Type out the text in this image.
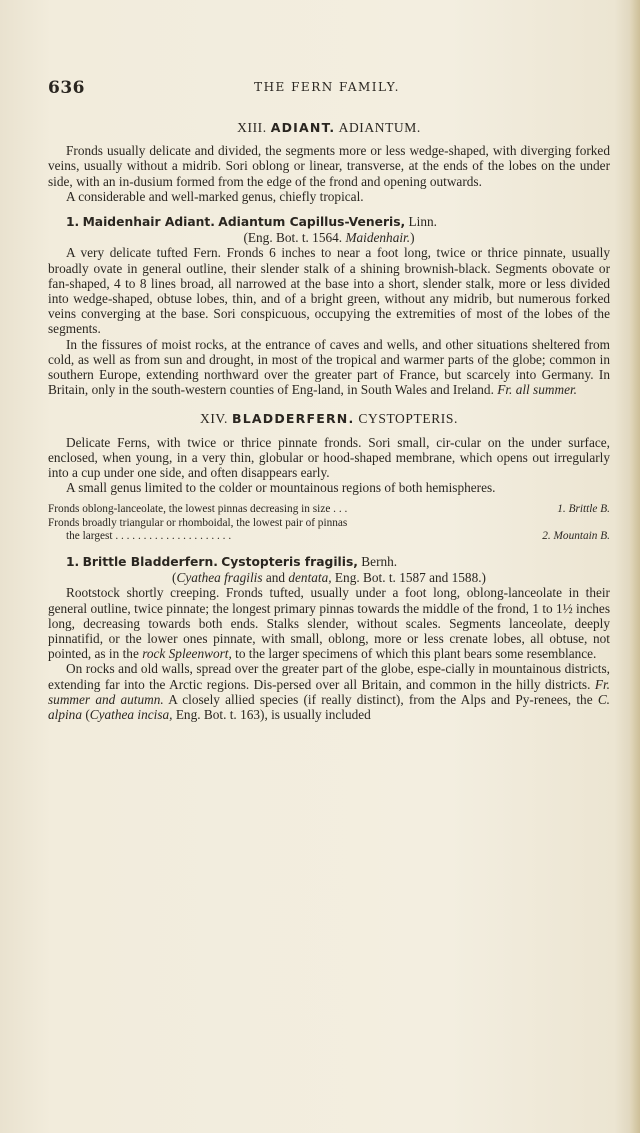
636	THE FERN FAMILY.
XIII. ADIANT. ADIANTUM.

Fronds usually delicate and divided, the segments more or less wedge-shaped, with diverging forked veins, usually without a midrib. Sori oblong or linear, transverse, at the ends of the lobes on the under side, with an in-dusium formed from the edge of the frond and opening outwards.

A considerable and well-marked genus, chiefly tropical.

1. Maidenhair Adiant. Adiantum Capillus-Veneris, Linn.

(Eng. Bot. t. 1564. Maidenhair.)

A very delicate tufted Fern. Fronds 6 inches to near a foot long, twice or thrice pinnate, usually broadly ovate in general outline, their slender stalk of a shining brownish-black. Segments obovate or fan-shaped, 4 to 8 lines broad, all narrowed at the base into a short, slender stalk, more or less divided into wedge-shaped, obtuse lobes, thin, and of a bright green, without any midrib, but numerous forked veins converging at the base. Sori conspicuous, occupying the extremities of most of the lobes of the segments.

In the fissures of moist rocks, at the entrance of caves and wells, and other situations sheltered from cold, as well as from sun and drought, in most of the tropical and warmer parts of the globe; common in southern Europe, extending northward over the greater part of France, but scarcely into Germany. In Britain, only in the south-western counties of Eng-land, in South Wales and Ireland. Fr. all summer.

XIV. BLADDERFERN. CYSTOPTERIS.

Delicate Ferns, with twice or thrice pinnate fronds. Sori small, cir-cular on the under surface, enclosed, when young, in a very thin, globular or hood-shaped membrane, which opens out irregularly into a cup under one side, and often disappears early.

A small genus limited to the colder or mountainous regions of both hemispheres.

Fronds oblong-lanceolate, the lowest pinnas decreasing in size . . .	1. Brittle B.
Fronds broadly triangular or rhomboidal, the lowest pair of pinnas
the largest . . . . . . . . . . . . . . . . . . . . .	2. Mountain B.

1. Brittle Bladderfern. Cystopteris fragilis, Bernh.

(Cyathea fragilis and dentata, Eng. Bot. t. 1587 and 1588.)

Rootstock shortly creeping. Fronds tufted, usually under a foot long, oblong-lanceolate in their general outline, twice pinnate; the longest primary pinnas towards the middle of the frond, 1 to 1½ inches long, decreasing towards both ends. Stalks slender, without scales. Segments lanceolate, deeply pinnatifid, or the lower ones pinnate, with small, oblong, more or less crenate lobes, all obtuse, not pointed, as in the rock Spleenwort, to the larger specimens of which this plant bears some resemblance.

On rocks and old walls, spread over the greater part of the globe, espe-cially in mountainous districts, extending far into the Arctic regions. Dis-persed over all Britain, and common in the hilly districts. Fr. summer and autumn. A closely allied species (if really distinct), from the Alps and Py-renees, the C. alpina (Cyathea incisa, Eng. Bot. t. 163), is usually included
